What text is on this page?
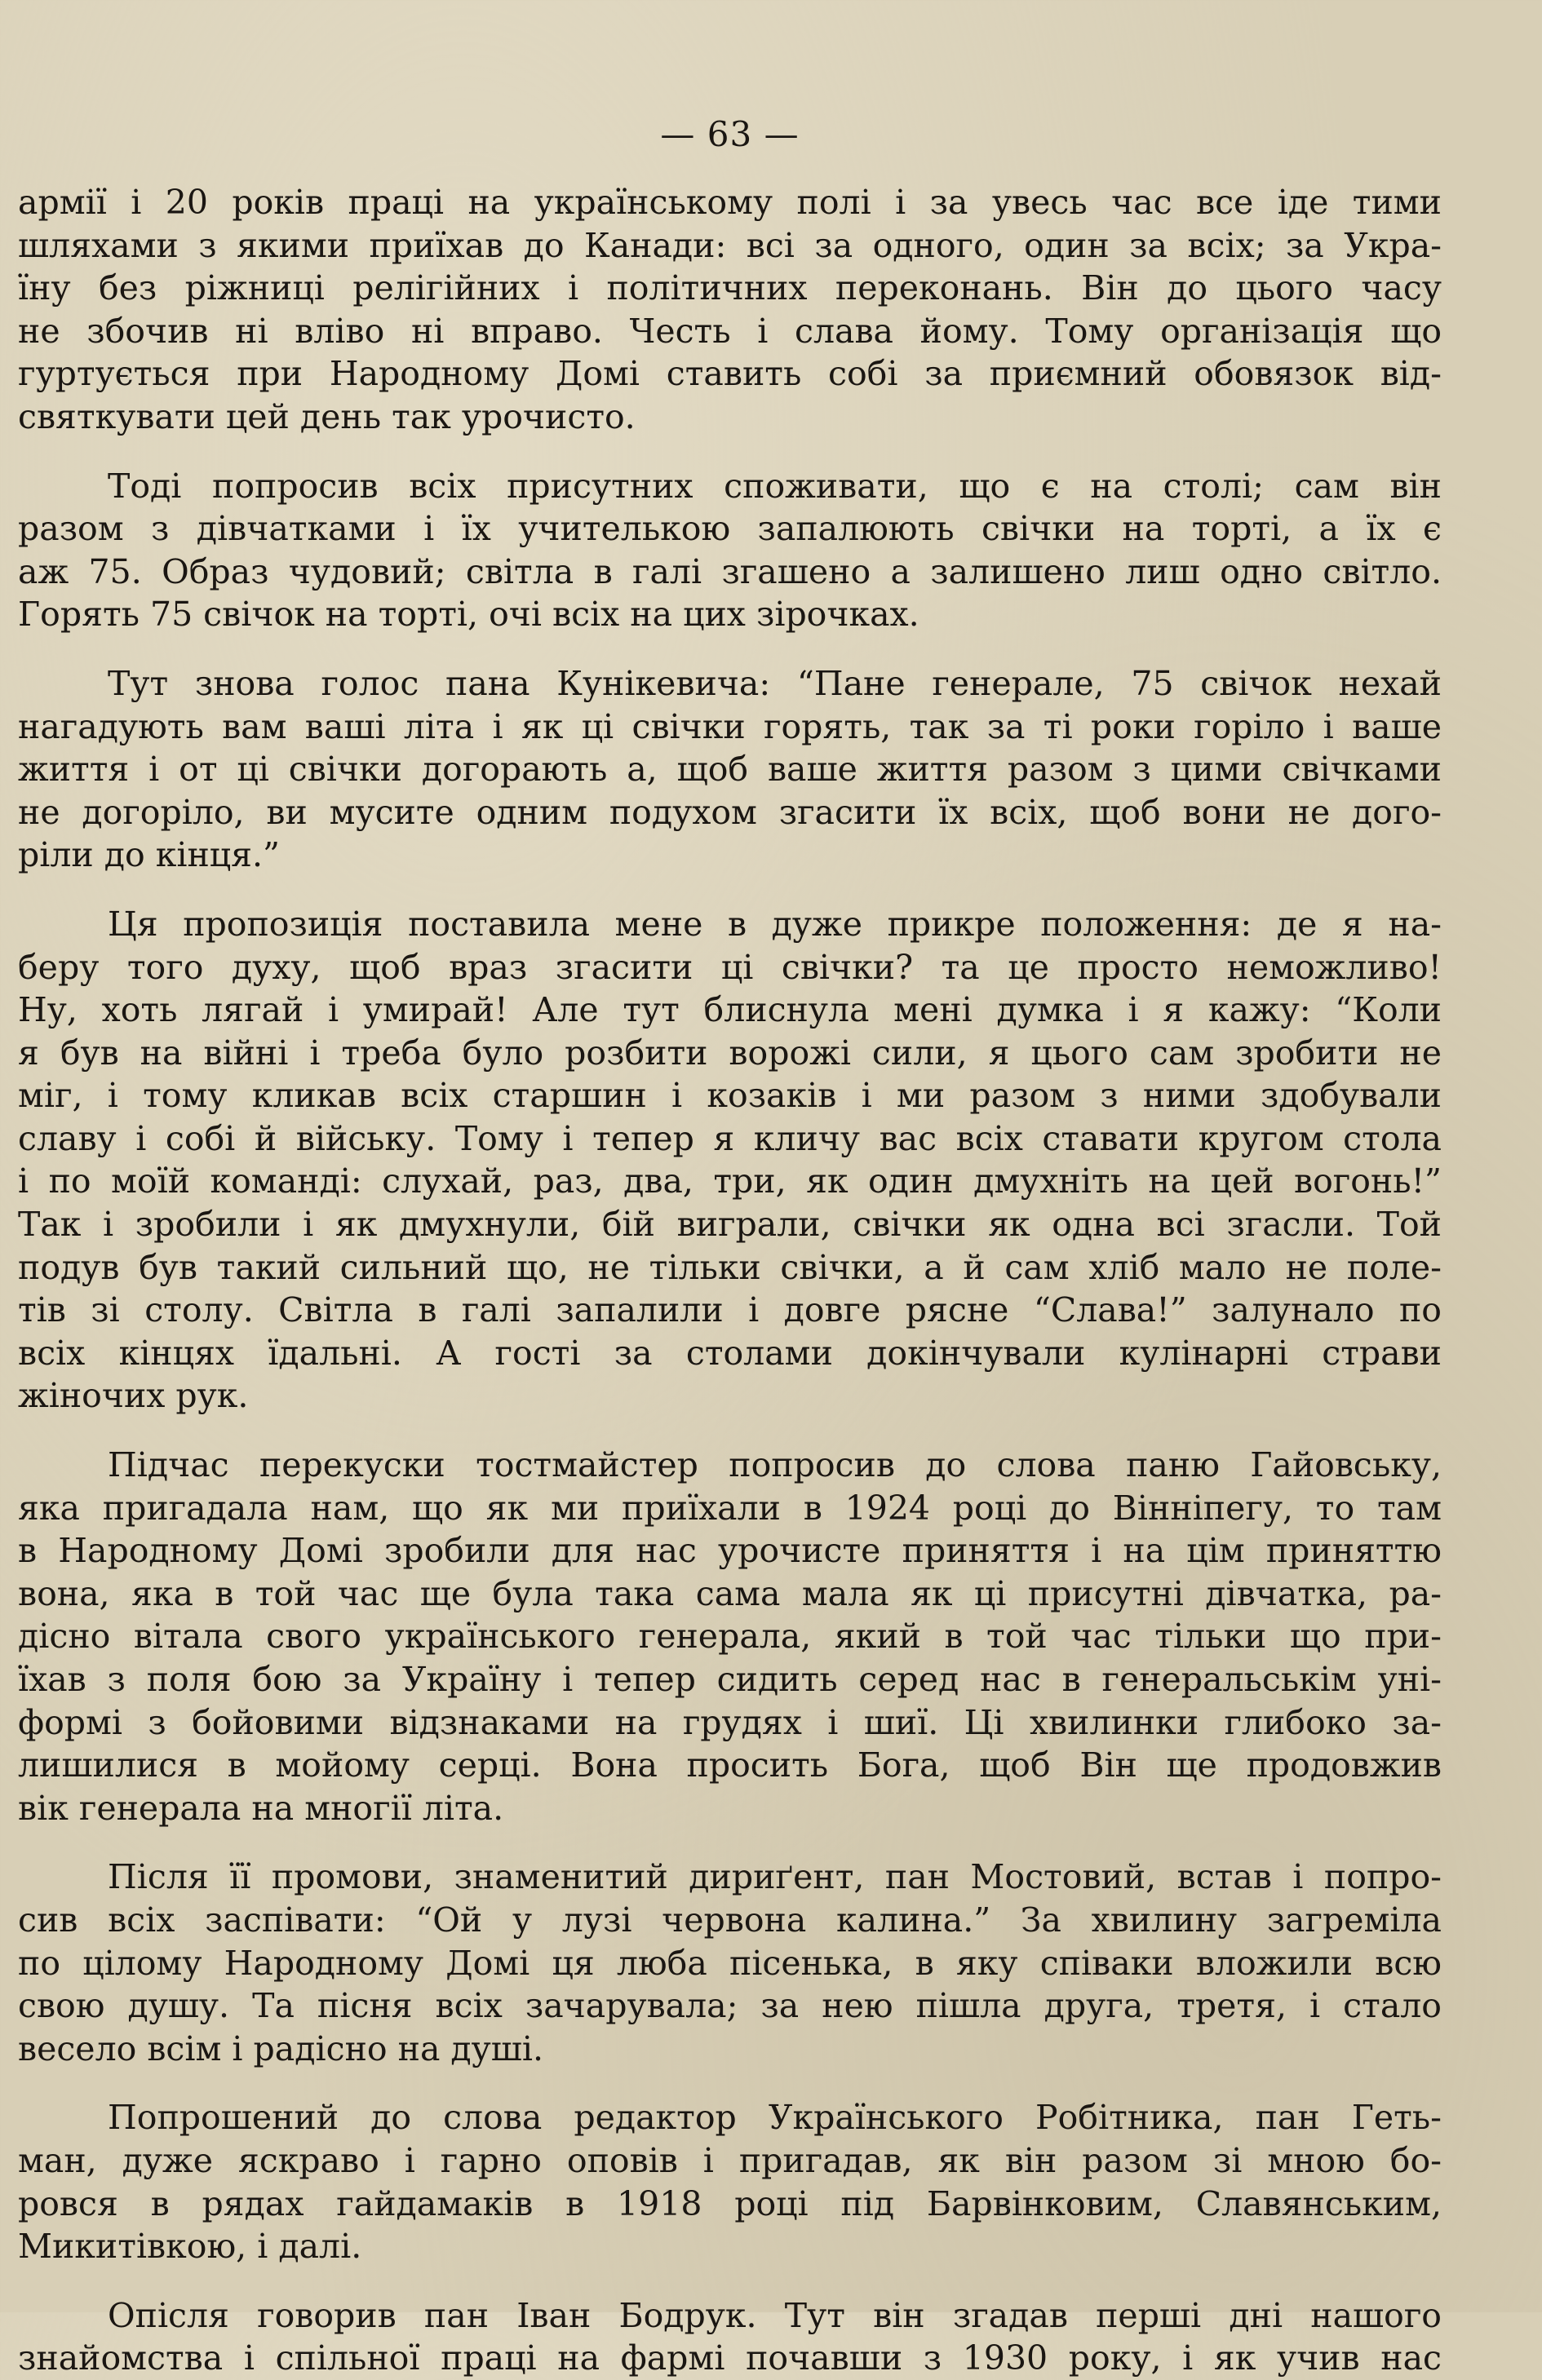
— 63 —
армії і 20 років праці на українському полі і за увесь час все іде тими
шляхами з якими приїхав до Канади: всі за одного, один за всіх; за Укра-
їну без ріжниці релігійних і політичних переконань. Він до цього часу
не збочив ні вліво ні вправо. Честь і слава йому. Тому організація що
гуртується при Народному Домі ставить собі за приємний обовязок від-
святкувати цей день так урочисто.
Тоді попросив всіх присутних споживати, що є на столі; сам він
разом з дівчатками і їх учителькою запалюють свічки на торті, а їх є
аж 75. Образ чудовий; світла в галі згашено а залишено лиш одно світло.
Горять 75 свічок на торті, очі всіх на цих зірочках.
Тут знова голос пана Кунікевича: “Пане генерале, 75 свічок нехай
нагадують вам ваші літа і як ці свічки горять, так за ті роки горіло і ваше
життя і от ці свічки догорають а, щоб ваше життя разом з цими свічками
не догоріло, ви мусите одним подухом згасити їх всіх, щоб вони не дого-
ріли до кінця.”
Ця пропозиція поставила мене в дуже прикре положення: де я на-
беру того духу, щоб враз згасити ці свічки? та це просто неможливо!
Ну, хоть лягай і умирай! Але тут блиснула мені думка і я кажу: “Коли
я був на війні і треба було розбити ворожі сили, я цього сам зробити не
міг, і тому кликав всіх старшин і козаків і ми разом з ними здобували
славу і собі й війську. Тому і тепер я кличу вас всіх ставати кругом стола
і по моїй команді: слухай, раз, два, три, як один дмухніть на цей вогонь!”
Так і зробили і як дмухнули, бій виграли, свічки як одна всі згасли. Той
подув був такий сильний що, не тільки свічки, а й сам хліб мало не поле-
тів зі столу. Світла в галі запалили і довге рясне “Слава!” залунало по
всіх кінцях їдальні. А гості за столами докінчували кулінарні страви
жіночих рук.
Підчас перекуски тостмайстер попросив до слова паню Гайовську,
яка пригадала нам, що як ми приїхали в 1924 році до Вінніпегу, то там
в Народному Домі зробили для нас урочисте приняття і на цім приняттю
вона, яка в той час ще була така сама мала як ці присутні дівчатка, ра-
дісно вітала свого українського генерала, який в той час тільки що при-
їхав з поля бою за Україну і тепер сидить серед нас в генеральськім уні-
формі з бойовими відзнаками на грудях і шиї. Ці хвилинки глибоко за-
лишилися в мойому серці. Вона просить Бога, щоб Він ще продовжив
вік генерала на многії літа.
Після її промови, знаменитий дириґент, пан Мостовий, встав і попро-
сив всіх заспівати: “Ой у лузі червона калина.” За хвилину загреміла
по цілому Народному Домі ця люба пісенька, в яку співаки вложили всю
свою душу. Та пісня всіх зачарувала; за нею пішла друга, третя, і стало
весело всім і радісно на душі.
Попрошений до слова редактор Українського Робітника, пан Геть-
ман, дуже яскраво і гарно оповів і пригадав, як він разом зі мною бо-
ровся в рядах гайдамаків в 1918 році під Барвінковим, Славянським,
Микитівкою, і далі.
Опісля говорив пан Іван Бодрук. Тут він згадав перші дні нашого
знайомства і спільної праці на фармі почавши з 1930 року, і як учив нас
